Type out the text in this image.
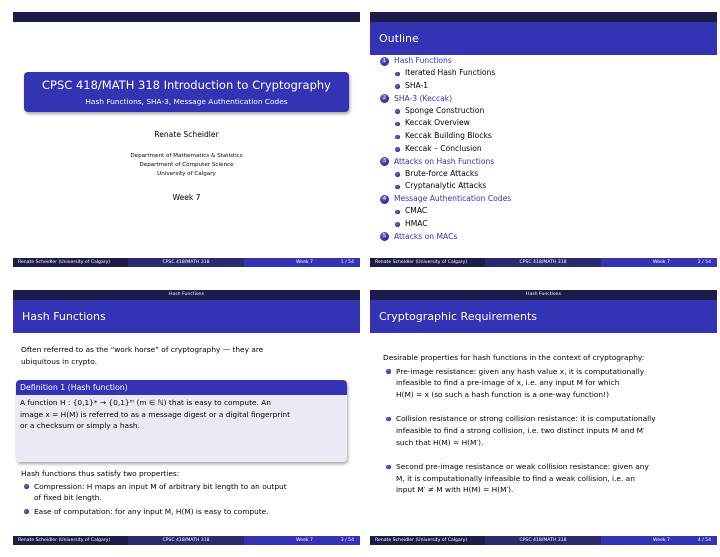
CPSC 418/MATH 318 Introduction to Cryptography
Hash Functions, SHA-3, Message Authentication Codes
Renate Scheidler
Department of Mathematics & Statistics
Department of Computer Science
University of Calgary
Week 7
Renate Scheidler (University of Calgary)	CPSC 418/MATH 318	Week 7	1 / 54
Outline
1	Hash Functions
Iterated Hash Functions
SHA-1
2	SHA-3 (Keccak)
Sponge Construction
Keccak Overview
Keccak Building Blocks
Keccak – Conclusion
3	Attacks on Hash Functions
Brute-force Attacks
Cryptanalytic Attacks
4	Message Authentication Codes
CMAC
HMAC
5	Attacks on MACs
Renate Scheidler (University of Calgary)	CPSC 418/MATH 318	Week 7	2 / 54
Hash Functions
Hash Functions
Often referred to as the “work horse” of cryptography — they are
ubiquitous in crypto.
Definition 1 (Hash function)
A function H : {0,1}* → {0,1}ᵐ (m ∈ ℕ) that is easy to compute. An
image x = H(M) is referred to as a message digest or a digital fingerprint
or a checksum or simply a hash.
Hash functions thus satisfy two properties:
Compression: H maps an input M of arbitrary bit length to an output
of fixed bit length.
Ease of computation: for any input M, H(M) is easy to compute.
Renate Scheidler (University of Calgary)	CPSC 418/MATH 318	Week 7	3 / 54
Hash Functions
Cryptographic Requirements
Desirable properties for hash functions in the context of cryptography:
Pre-image resistance: given any hash value x, it is computationally
infeasible to find a pre-image of x, i.e. any input M for which
H(M) = x (so such a hash function is a one-way function!)
Collision resistance or strong collision resistance: it is computationally
infeasible to find a strong collision, i.e. two distinct inputs M and M′
such that H(M) = H(M′).
Second pre-image resistance or weak collision resistance: given any
M, it is computationally infeasible to find a weak collision, i.e. an
input M′ ≠ M with H(M) = H(M′).
Renate Scheidler (University of Calgary)	CPSC 418/MATH 318	Week 7	4 / 54
